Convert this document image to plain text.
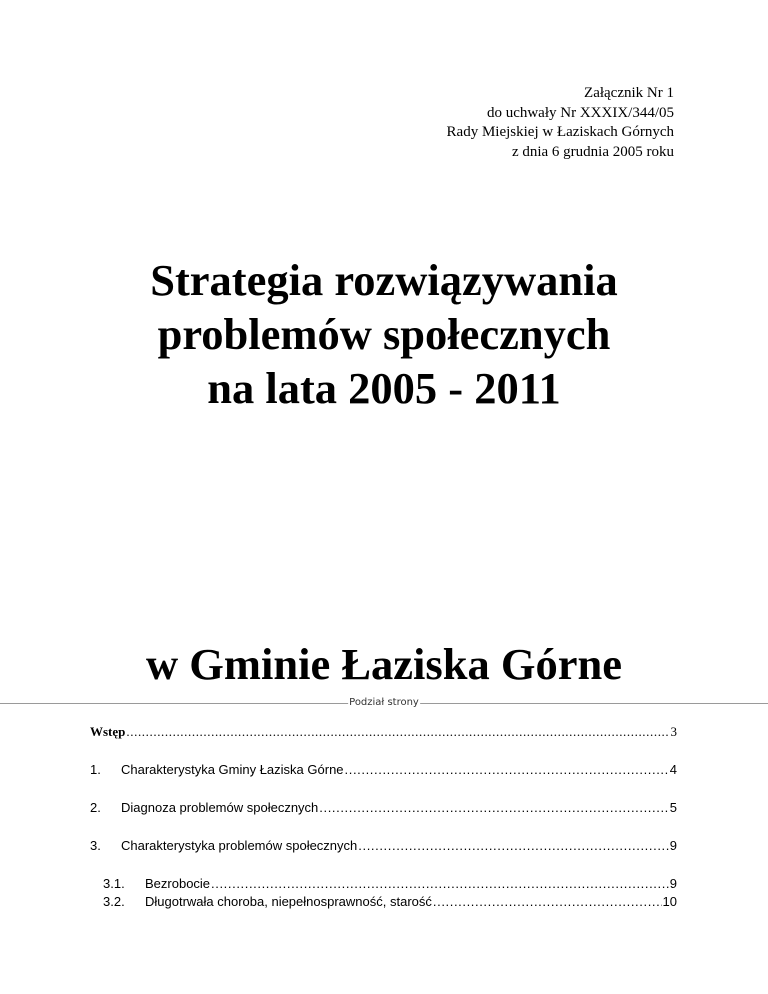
Załącznik Nr 1
do uchwały Nr XXXIX/344/05
Rady Miejskiej w Łaziskach Górnych
z dnia 6 grudnia 2005 roku
Strategia rozwiązywania
problemów społecznych
na lata 2005 - 2011
w Gminie Łaziska Górne
Podział strony
Wstęp .....	3
1.	Charakterystyka Gminy Łaziska Górne .....	4
2.	Diagnoza problemów społecznych .....	5
3.	Charakterystyka problemów społecznych .....	9
3.1.	Bezrobocie .....	9
3.2.	Długotrwała choroba, niepełnosprawność, starość .....	10
